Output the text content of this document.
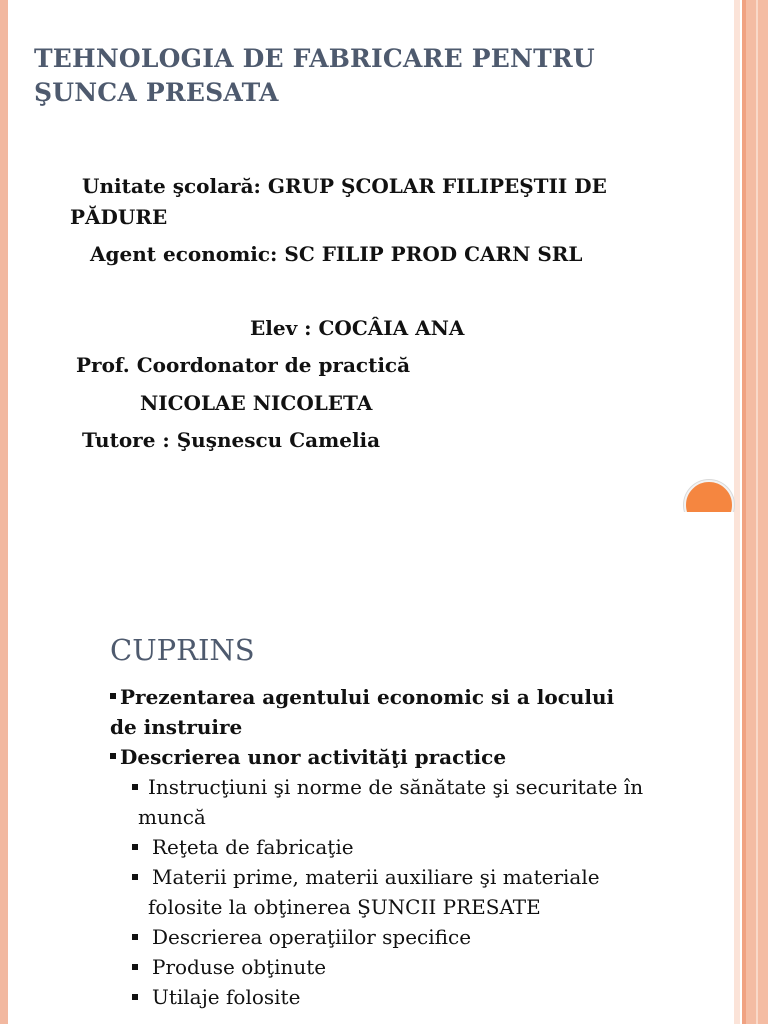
TEHNOLOGIA DE FABRICARE PENTRU
ŞUNCA PRESATA
Unitate şcolară: GRUP ŞCOLAR FILIPEŞTII DE
PĂDURE
Agent economic: SC FILIP PROD CARN SRL
Elev : COCÂIA ANA
Prof. Coordonator de practică
NICOLAE NICOLETA
Tutore : Şuşnescu Camelia
CUPRINS
Prezentarea agentului economic si a locului
de instruire
Descrierea unor activităţi practice
Instrucţiuni şi norme de sănătate şi securitate în
muncă
Reţeta de fabricaţie
Materii prime, materii auxiliare şi materiale
folosite la obţinerea ŞUNCII PRESATE
Descrierea operaţiilor specifice
Produse obţinute
Utilaje folosite
